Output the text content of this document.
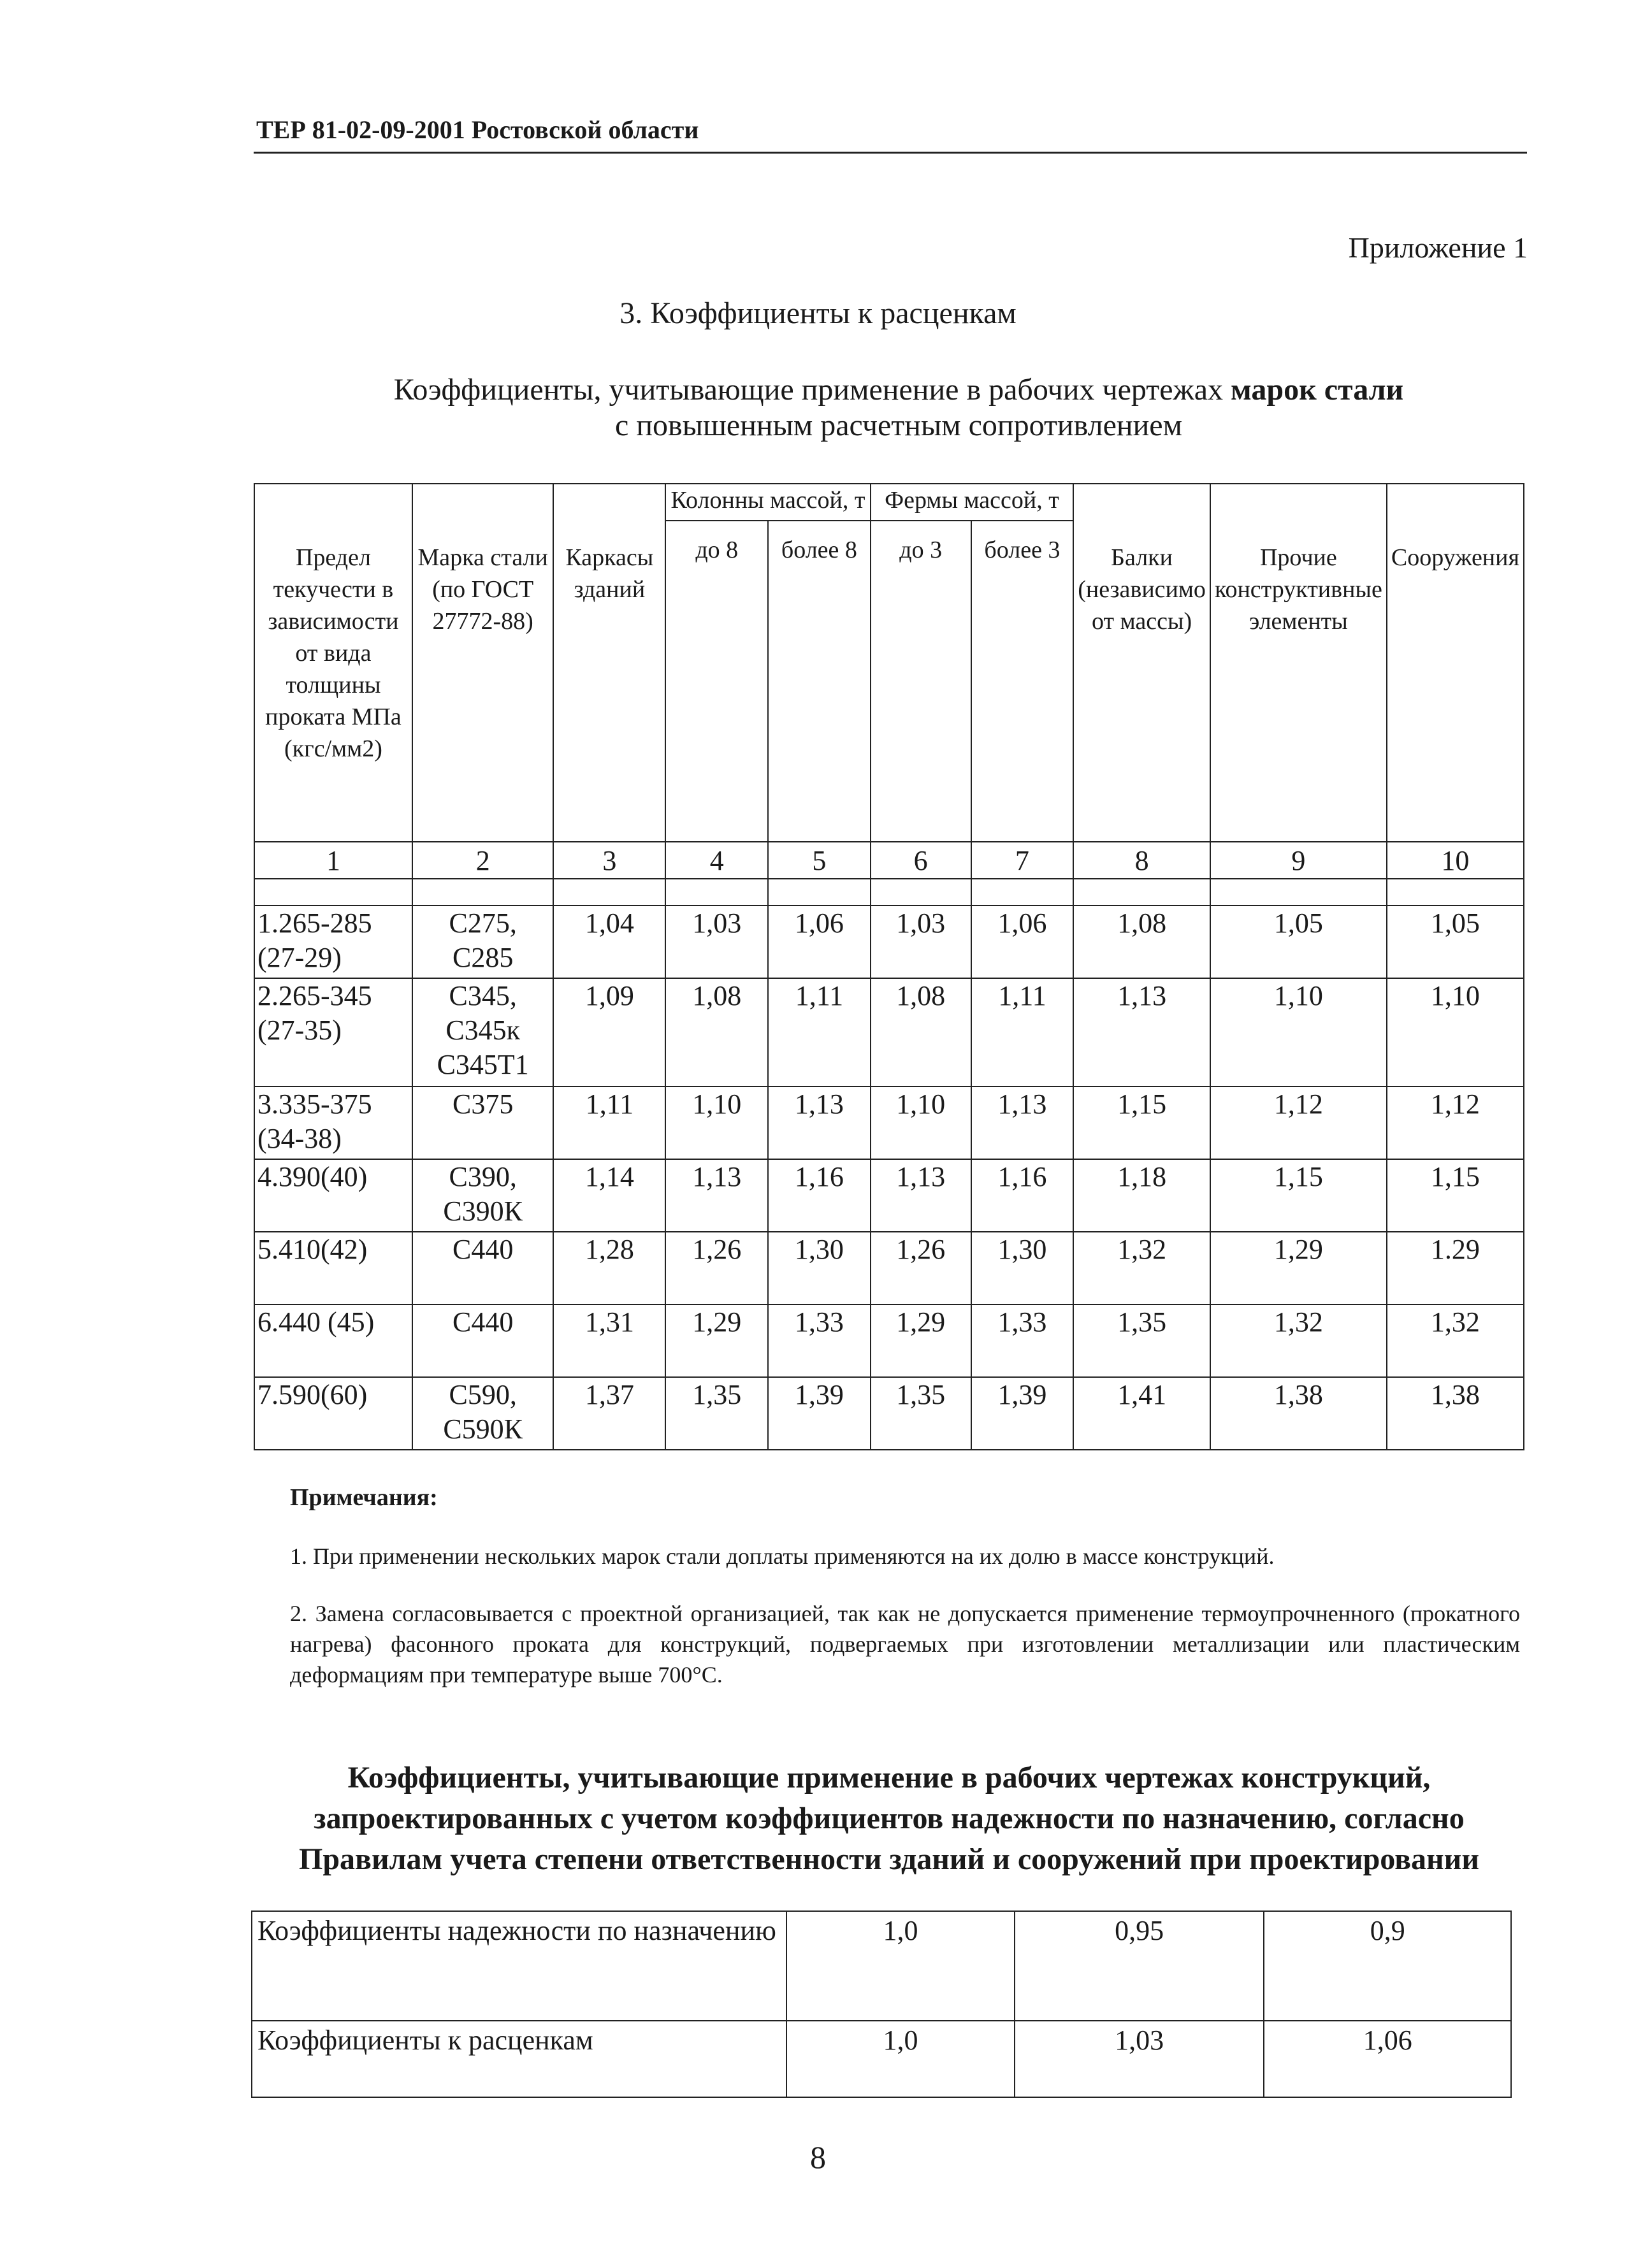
ТЕР 81-02-09-2001 Ростовской области
Приложение 1
3. Коэффициенты к расценкам
Коэффициенты, учитывающие применение в рабочих чертежах марок стали
с повышенным расчетным сопротивлением
Предел текучести в зависимости от вида толщины проката МПа (кгс/мм2)	Марка стали (по ГОСТ 27772-88)	Каркасы зданий	Колонны массой, т		Фермы массой, т		Балки (независимо от массы)	Прочие конструктивные элементы	Сооружения
			до 8	более 8	до 3	более 3			
1	2	3	4	5	6	7	8	9	10

1.265-285 (27-29)	С275, С285	1,04	1,03	1,06	1,03	1,06	1,08	1,05	1,05
2.265-345 (27-35)	С345, С345к С345Т1	1,09	1,08	1,11	1,08	1,11	1,13	1,10	1,10
3.335-375 (34-38)	С375	1,11	1,10	1,13	1,10	1,13	1,15	1,12	1,12
4.390(40)	С390, С390К	1,14	1,13	1,16	1,13	1,16	1,18	1,15	1,15
5.410(42)	С440	1,28	1,26	1,30	1,26	1,30	1,32	1,29	1.29
6.440 (45)	С440	1,31	1,29	1,33	1,29	1,33	1,35	1,32	1,32
7.590(60)	С590, С590К	1,37	1,35	1,39	1,35	1,39	1,41	1,38	1,38
Примечания:
1. При применении нескольких марок стали доплаты применяются на их долю в массе конструкций.
2. Замена согласовывается с проектной организацией, так как не допускается применение термоупрочненного (прокатного нагрева) фасонного проката для конструкций, подвергаемых при изготовлении металлизации или пластическим деформациям при температуре выше 700°С.
Коэффициенты, учитывающие применение в рабочих чертежах конструкций, запроектированных с учетом коэффициентов надежности по назначению, согласно Правилам учета степени ответственности зданий и сооружений при проектировании
Коэффициенты надежности по назначению	1,0	0,95	0,9
Коэффициенты к расценкам	1,0	1,03	1,06
8
